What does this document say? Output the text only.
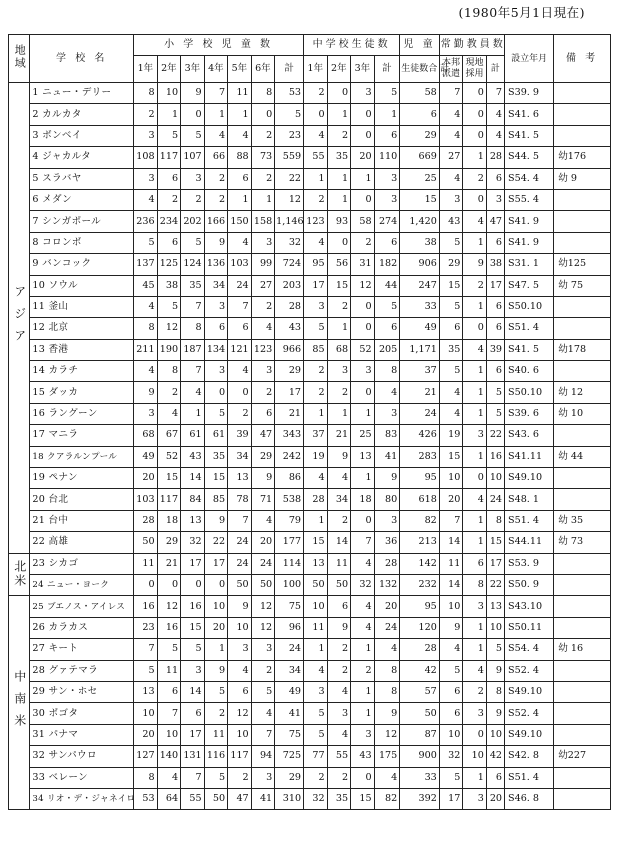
(1980年5月1日現在)
地域	学 校 名	小 学 校 児 童 数							中学校生徒数				児 童	常勤教員数			設立年月	備 考
		1年	2年	3年	4年	5年	6年	計	1年	2年	3年	計	生徒数合 計	本邦派遣	現地採用	計		
アジア	1 ニュー・デリー	8	10	9	7	11	8	53	2	0	3	5	58	7	0	7	S39. 9	
	2 カルカタ	2	1	0	1	1	0	5	0	1	0	1	6	4	0	4	S41. 6	
	3 ボンベイ	3	5	5	4	4	2	23	4	2	0	6	29	4	0	4	S41. 5	
	4 ジャカルタ	108	117	107	66	88	73	559	55	35	20	110	669	27	1	28	S44. 5	幼176
	5 スラバヤ	3	6	3	2	6	2	22	1	1	1	3	25	4	2	6	S54. 4	幼 9
	6 メダン	4	2	2	2	1	1	12	2	1	0	3	15	3	0	3	S55. 4	
	7 シンガポール	236	234	202	166	150	158	1,146	123	93	58	274	1,420	43	4	47	S41. 9	
	8 コロンボ	5	6	5	9	4	3	32	4	0	2	6	38	5	1	6	S41. 9	
	9 バンコック	137	125	124	136	103	99	724	95	56	31	182	906	29	9	38	S31. 1	幼125
	10 ソウル	45	38	35	34	24	27	203	17	15	12	44	247	15	2	17	S47. 5	幼 75
	11 釜山	4	5	7	3	7	2	28	3	2	0	5	33	5	1	6	S50.10	
	12 北京	8	12	8	6	6	4	43	5	1	0	6	49	6	0	6	S51. 4	
	13 香港	211	190	187	134	121	123	966	85	68	52	205	1,171	35	4	39	S41. 5	幼178
	14 カラチ	4	8	7	3	4	3	29	2	3	3	8	37	5	1	6	S40. 6	
	15 ダッカ	9	2	4	0	0	2	17	2	2	0	4	21	4	1	5	S50.10	幼 12
	16 ラングーン	3	4	1	5	2	6	21	1	1	1	3	24	4	1	5	S39. 6	幼 10
	17 マニラ	68	67	61	61	39	47	343	37	21	25	83	426	19	3	22	S43. 6	
	18 クアラルンプール	49	52	43	35	34	29	242	19	9	13	41	283	15	1	16	S41.11	幼 44
	19 ペナン	20	15	14	15	13	9	86	4	4	1	9	95	10	0	10	S49.10	
	20 台北	103	117	84	85	78	71	538	28	34	18	80	618	20	4	24	S48. 1	
	21 台中	28	18	13	9	7	4	79	1	2	0	3	82	7	1	8	S51. 4	幼 35
	22 高雄	50	29	32	22	24	20	177	15	14	7	36	213	14	1	15	S44.11	幼 73
北米	23 シカゴ	11	21	17	17	24	24	114	13	11	4	28	142	11	6	17	S53. 9	
	24 ニュー・ヨーク	0	0	0	0	50	50	100	50	50	32	132	232	14	8	22	S50. 9	
中南米	25 ブエノス・アイレス	16	12	16	10	9	12	75	10	6	4	20	95	10	3	13	S43.10	
	26 カラカス	23	16	15	20	10	12	96	11	9	4	24	120	9	1	10	S50.11	
	27 キート	7	5	5	1	3	3	24	1	2	1	4	28	4	1	5	S54. 4	幼 16
	28 グァテマラ	5	11	3	9	4	2	34	4	2	2	8	42	5	4	9	S52. 4	
	29 サン・ホセ	13	6	14	5	6	5	49	3	4	1	8	57	6	2	8	S49.10	
	30 ボゴタ	10	7	6	2	12	4	41	5	3	1	9	50	6	3	9	S52. 4	
	31 パナマ	20	10	17	11	10	7	75	5	4	3	12	87	10	0	10	S49.10	
	32 サンパウロ	127	140	131	116	117	94	725	77	55	43	175	900	32	10	42	S42. 8	幼227
	33 ベレーン	8	4	7	5	2	3	29	2	2	0	4	33	5	1	6	S51. 4	
	34 リオ・デ・ジャネイロ	53	64	55	50	47	41	310	32	35	15	82	392	17	3	20	S46. 8	
